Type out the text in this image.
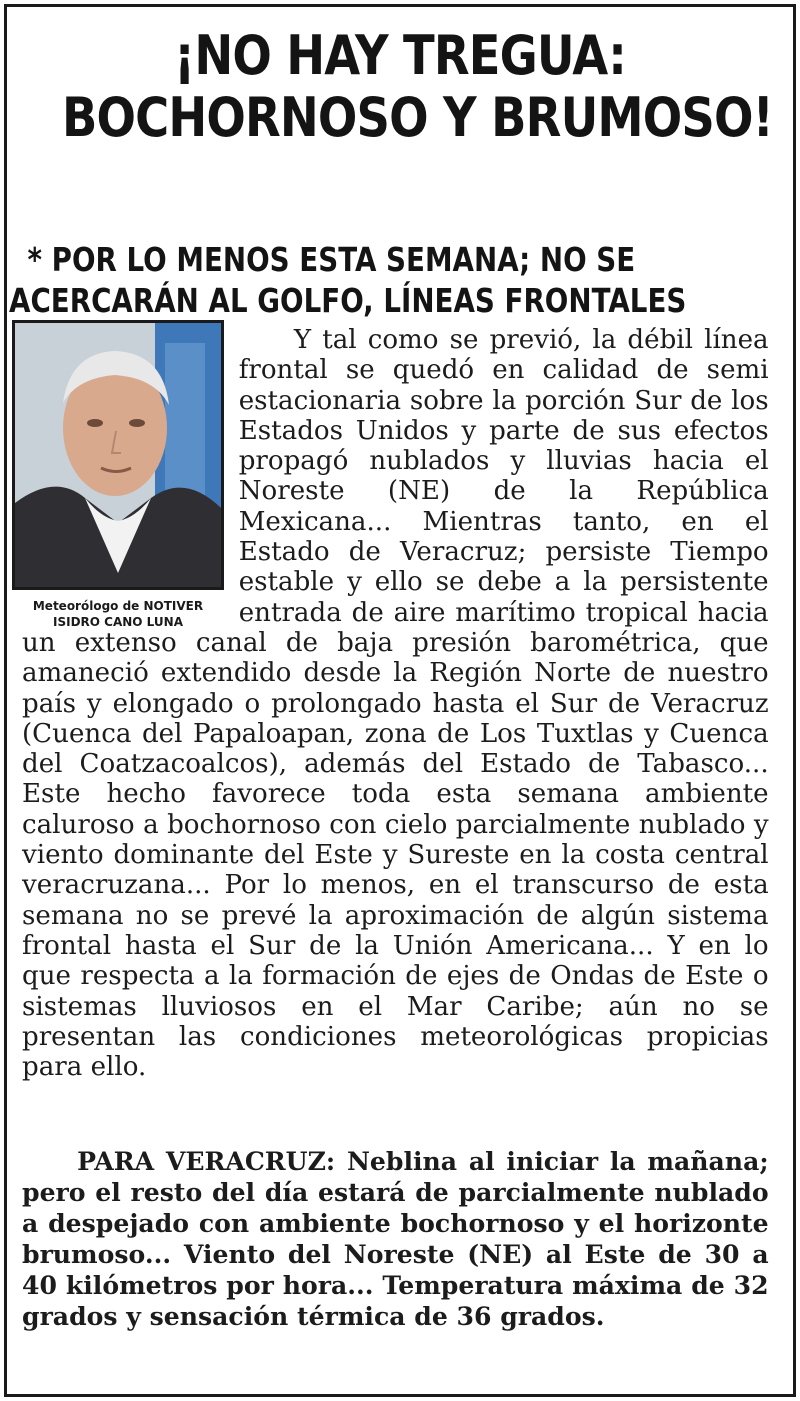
¡NO HAY TREGUA:
BOCHORNOSO Y BRUMOSO!
* POR LO MENOS ESTA SEMANA; NO SE
ACERCARÁN AL GOLFO, LÍNEAS FRONTALES
Y tal como se previó, la débil línea frontal se quedó en calidad de semi estacionaria sobre la porción Sur de los Estados Unidos y parte de sus efectos propagó nublados y lluvias hacia el Noreste (NE) de la República Mexicana... Mientras tanto, en el Estado de Veracruz; persiste Tiempo estable y ello se debe a la persistente entrada de aire marítimo tropical hacia un extenso canal de baja presión barométrica, que amaneció extendido desde la Región Norte de nuestro país y elongado o prolongado hasta el Sur de Veracruz (Cuenca del Papaloapan, zona de Los Tuxtlas y Cuenca del Coatzacoalcos), además del Estado de Tabasco... Este hecho favorece toda esta semana ambiente caluroso a bochornoso con cielo parcialmente nublado y viento dominante del Este y Sureste en la costa central veracruzana... Por lo menos, en el transcurso de esta semana no se prevé la aproximación de algún sistema frontal hasta el Sur de la Unión Americana... Y en lo que respecta a la formación de ejes de Ondas de Este o sistemas lluviosos en el Mar Caribe; aún no se presentan las condiciones meteorológicas propicias para ello.
Meteorólogo de NOTIVER
ISIDRO CANO LUNA
PARA VERACRUZ: Neblina al iniciar la mañana; pero el resto del día estará de parcialmente nublado a despejado con ambiente bochornoso y el horizonte brumoso... Viento del Noreste (NE) al Este de 30 a 40 kilómetros por hora... Temperatura máxima de 32 grados y sensación térmica de 36 grados.
